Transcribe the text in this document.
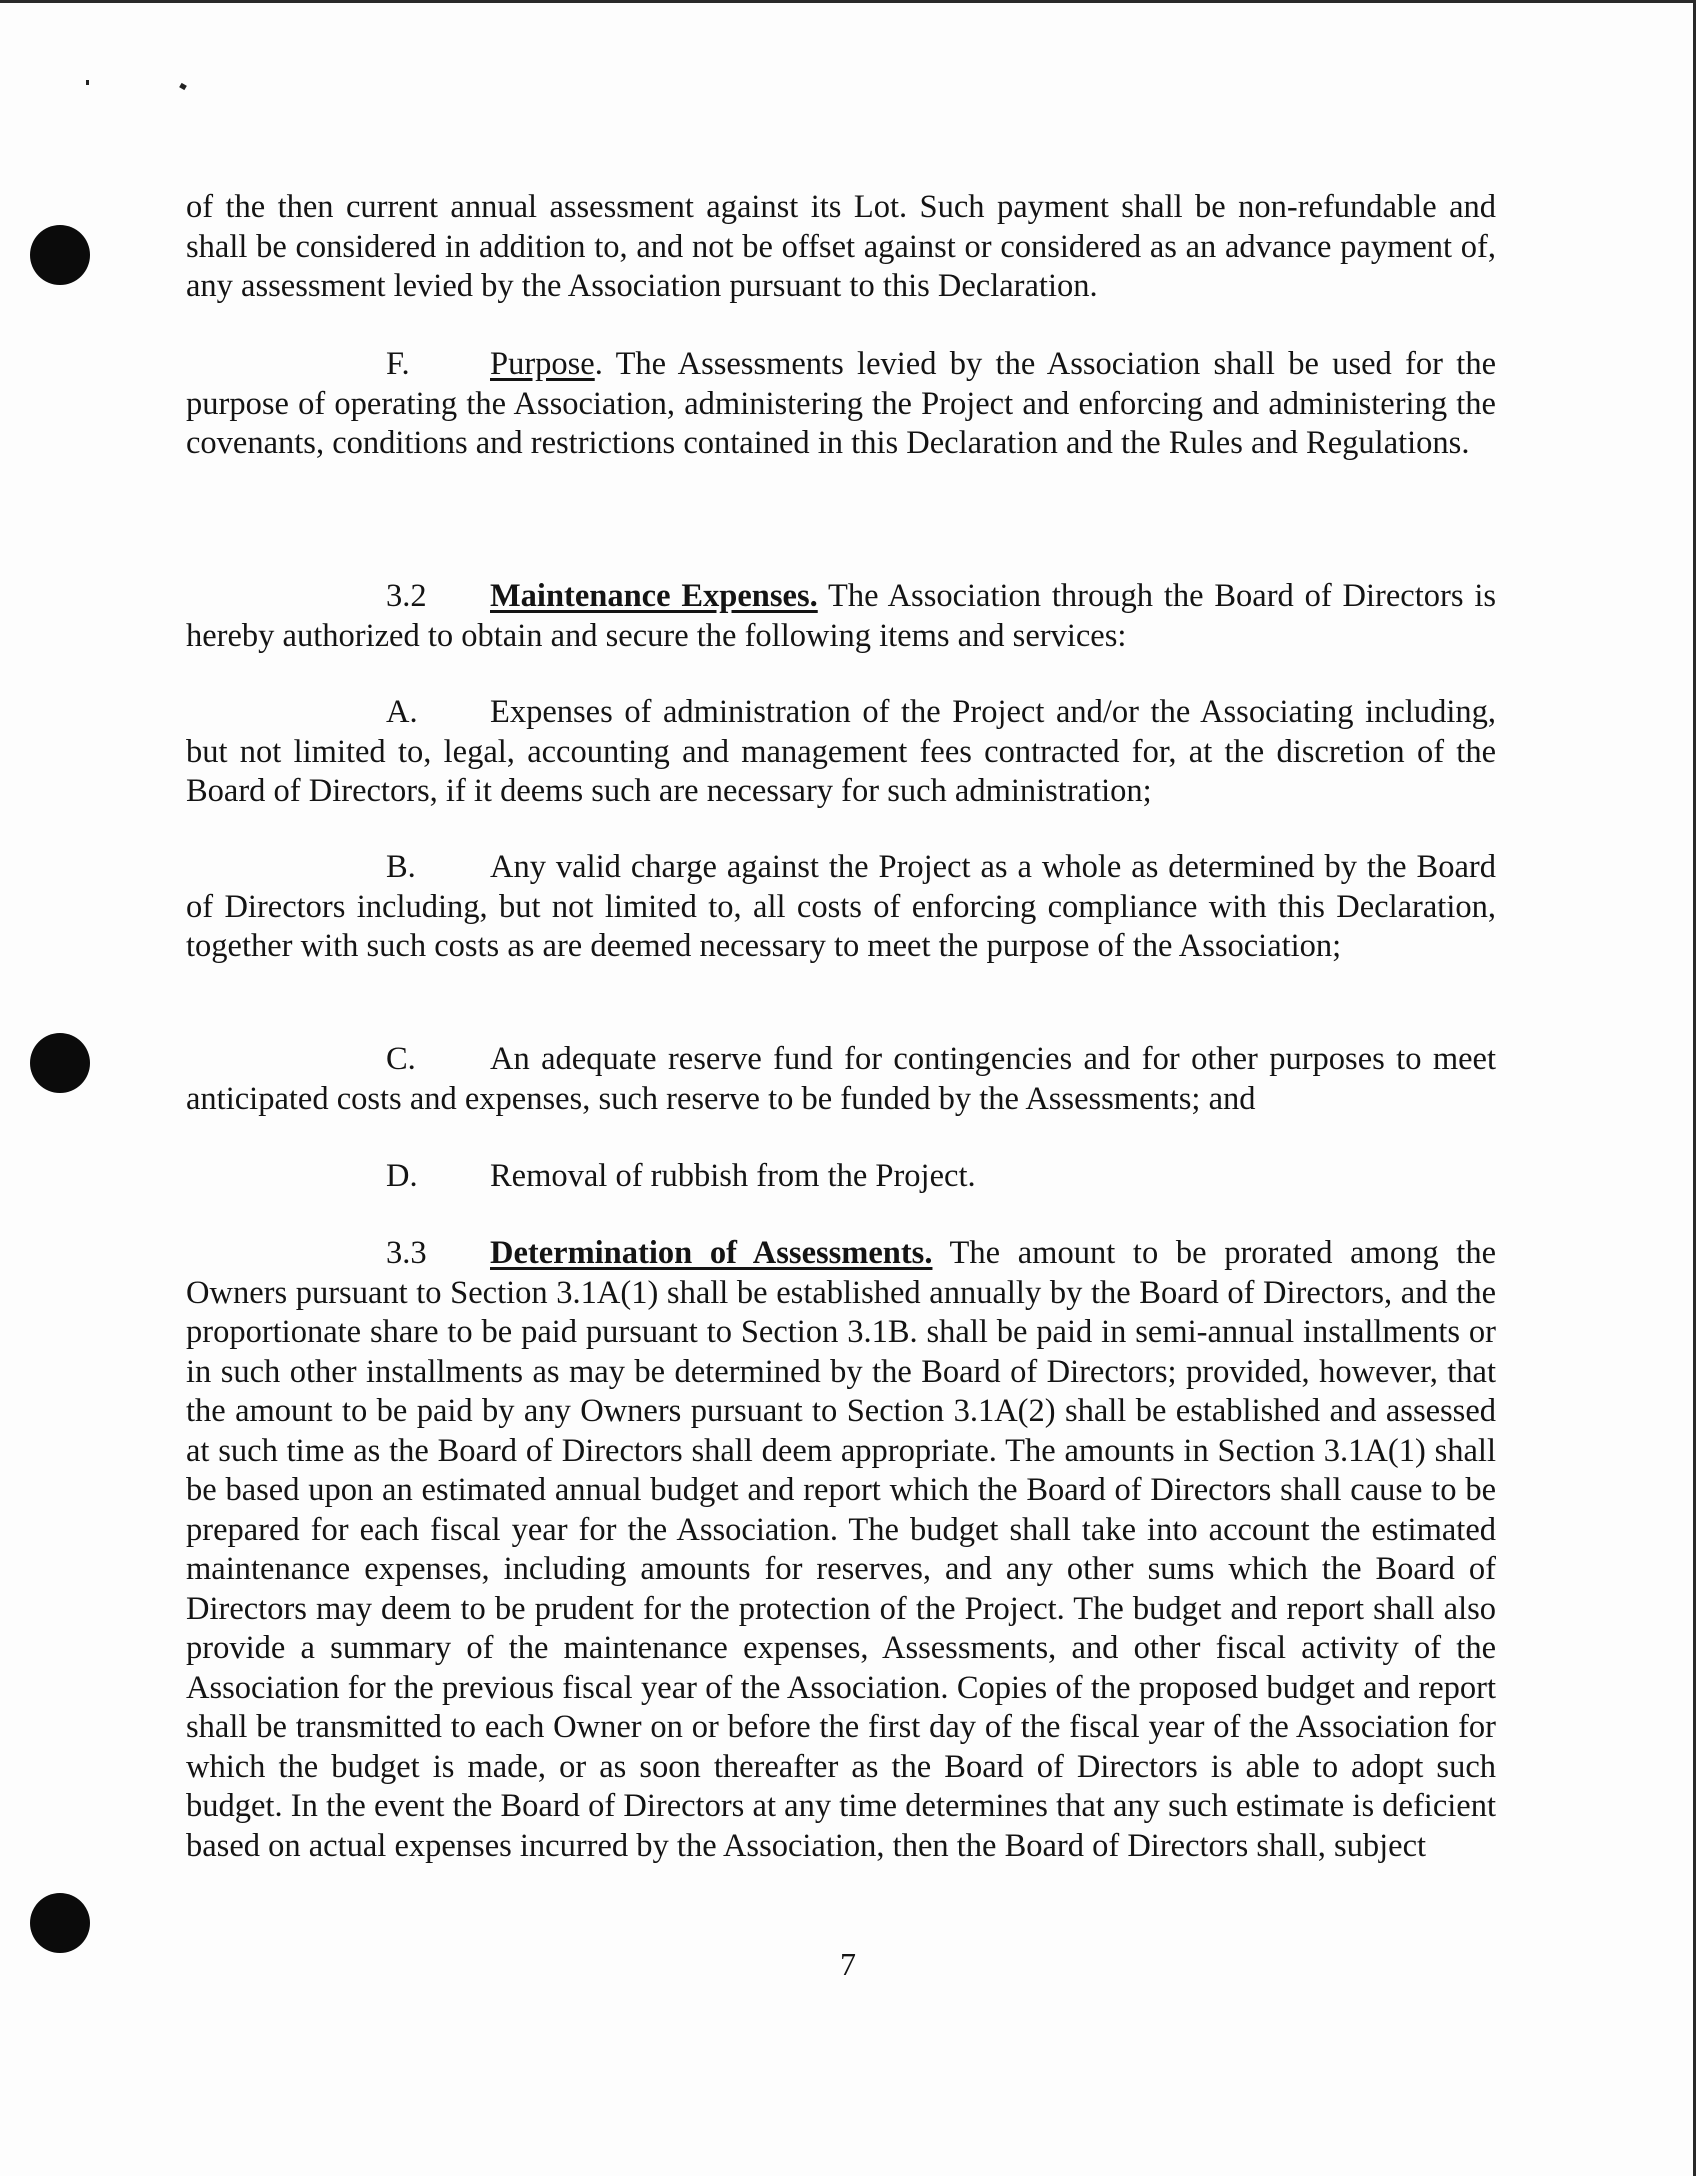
of the then current annual assessment against its Lot. Such payment shall be non-refundable and shall be considered in addition to, and not be offset against or considered as an advance payment of, any assessment levied by the Association pursuant to this Declaration.

F. Purpose. The Assessments levied by the Association shall be used for the purpose of operating the Association, administering the Project and enforcing and administering the covenants, conditions and restrictions contained in this Declaration and the Rules and Regulations.

3.2 Maintenance Expenses. The Association through the Board of Directors is hereby authorized to obtain and secure the following items and services:

A. Expenses of administration of the Project and/or the Associating including, but not limited to, legal, accounting and management fees contracted for, at the discretion of the Board of Directors, if it deems such are necessary for such administration;

B. Any valid charge against the Project as a whole as determined by the Board of Directors including, but not limited to, all costs of enforcing compliance with this Declaration, together with such costs as are deemed necessary to meet the purpose of the Association;

C. An adequate reserve fund for contingencies and for other purposes to meet anticipated costs and expenses, such reserve to be funded by the Assessments; and

D. Removal of rubbish from the Project.

3.3 Determination of Assessments. The amount to be prorated among the Owners pursuant to Section 3.1A(1) shall be established annually by the Board of Directors, and the proportionate share to be paid pursuant to Section 3.1B. shall be paid in semi-annual installments or in such other installments as may be determined by the Board of Directors; provided, however, that the amount to be paid by any Owners pursuant to Section 3.1A(2) shall be established and assessed at such time as the Board of Directors shall deem appropriate. The amounts in Section 3.1A(1) shall be based upon an estimated annual budget and report which the Board of Directors shall cause to be prepared for each fiscal year for the Association. The budget shall take into account the estimated maintenance expenses, including amounts for reserves, and any other sums which the Board of Directors may deem to be prudent for the protection of the Project. The budget and report shall also provide a summary of the maintenance expenses, Assessments, and other fiscal activity of the Association for the previous fiscal year of the Association. Copies of the proposed budget and report shall be transmitted to each Owner on or before the first day of the fiscal year of the Association for which the budget is made, or as soon thereafter as the Board of Directors is able to adopt such budget. In the event the Board of Directors at any time determines that any such estimate is deficient based on actual expenses incurred by the Association, then the Board of Directors shall, subject

7
